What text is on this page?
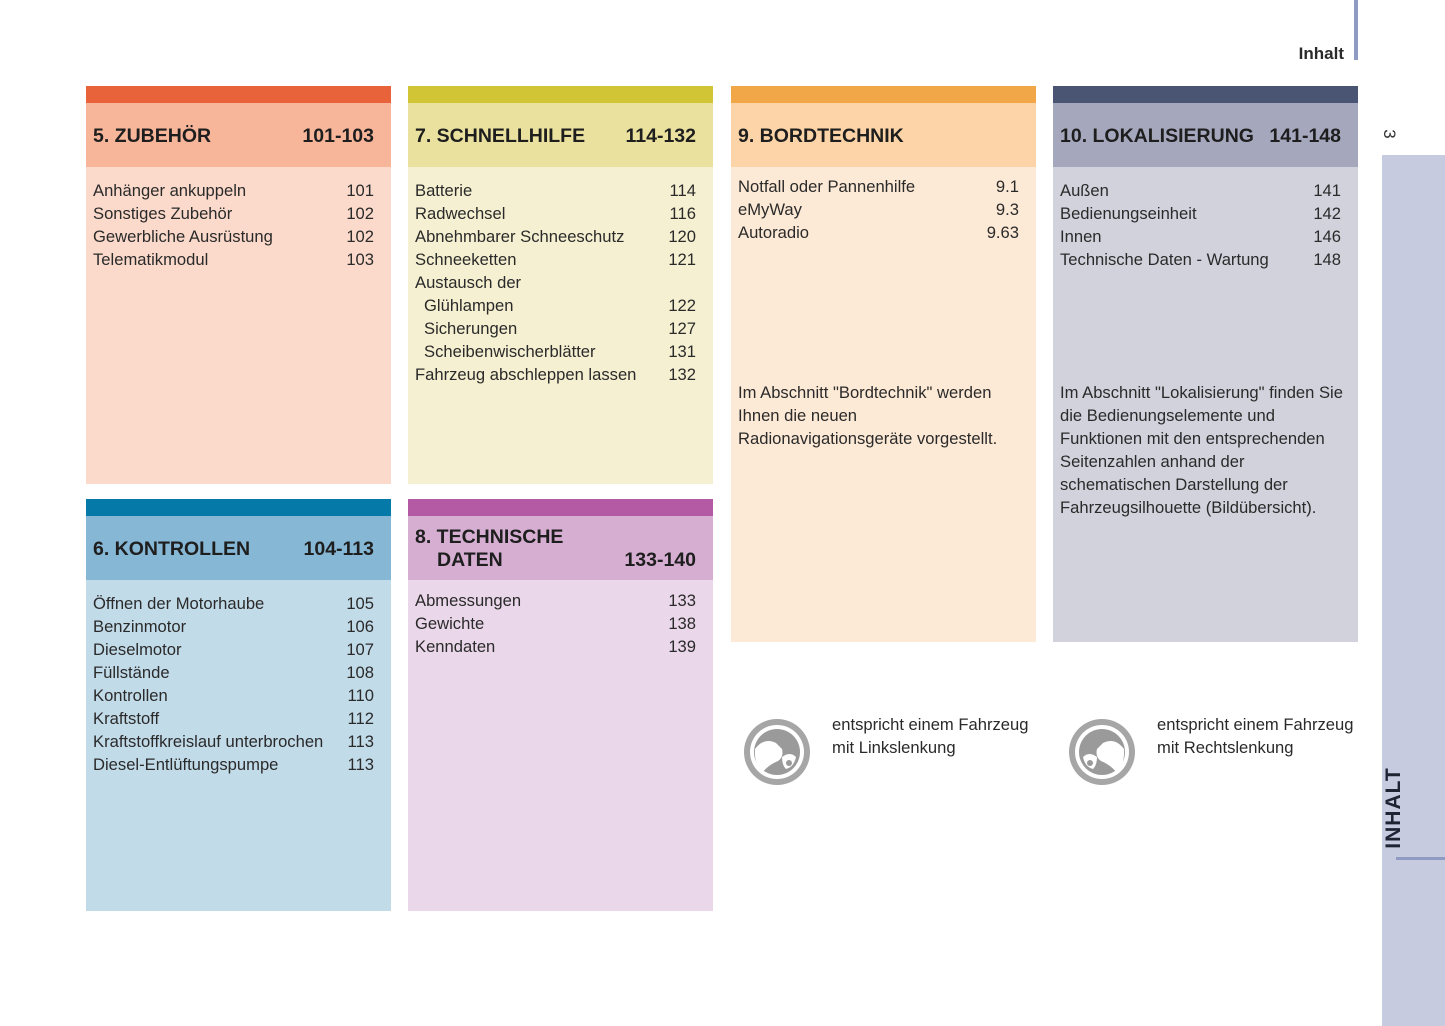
Inhalt
3
INHALT
5. ZUBEHÖR	101-103
Anhänger ankuppeln	101
Sonstiges Zubehör	102
Gewerbliche Ausrüstung	102
Telematikmodul	103
7. SCHNELLHILFE 114-132
Batterie	114
Radwechsel	116
Abnehmbarer Schneeschutz	120
Schneeketten	121
Austausch der
Glühlampen	122
Sicherungen	127
Scheibenwischerblätter	131
Fahrzeug abschleppen lassen 132
9. BORDTECHNIK
Notfall oder Pannenhilfe	9.1
eMyWay	9.3
Autoradio	9.63
Im Abschnitt "Bordtechnik" werden Ihnen die neuen Radionavigationsgeräte vorgestellt.
10. LOKALISIERUNG 141-148
Außen	141
Bedienungseinheit	142
Innen	146
Technische Daten - Wartung	148
Im Abschnitt "Lokalisierung" finden Sie die Bedienungselemente und Funktionen mit den entsprechenden Seitenzahlen anhand der schematischen Darstellung der Fahrzeugsilhouette (Bildübersicht).
6. KONTROLLEN	104-113
Öffnen der Motorhaube	105
Benzinmotor	106
Dieselmotor	107
Füllstände	108
Kontrollen	110
Kraftstoff	112
Kraftstoffkreislauf unterbrochen 113
Diesel-Entlüftungspumpe	113
8. TECHNISCHE
DATEN	133-140
Abmessungen	133
Gewichte	138
Kenndaten	139
entspricht einem Fahrzeug mit Linkslenkung
entspricht einem Fahrzeug mit Rechtslenkung
